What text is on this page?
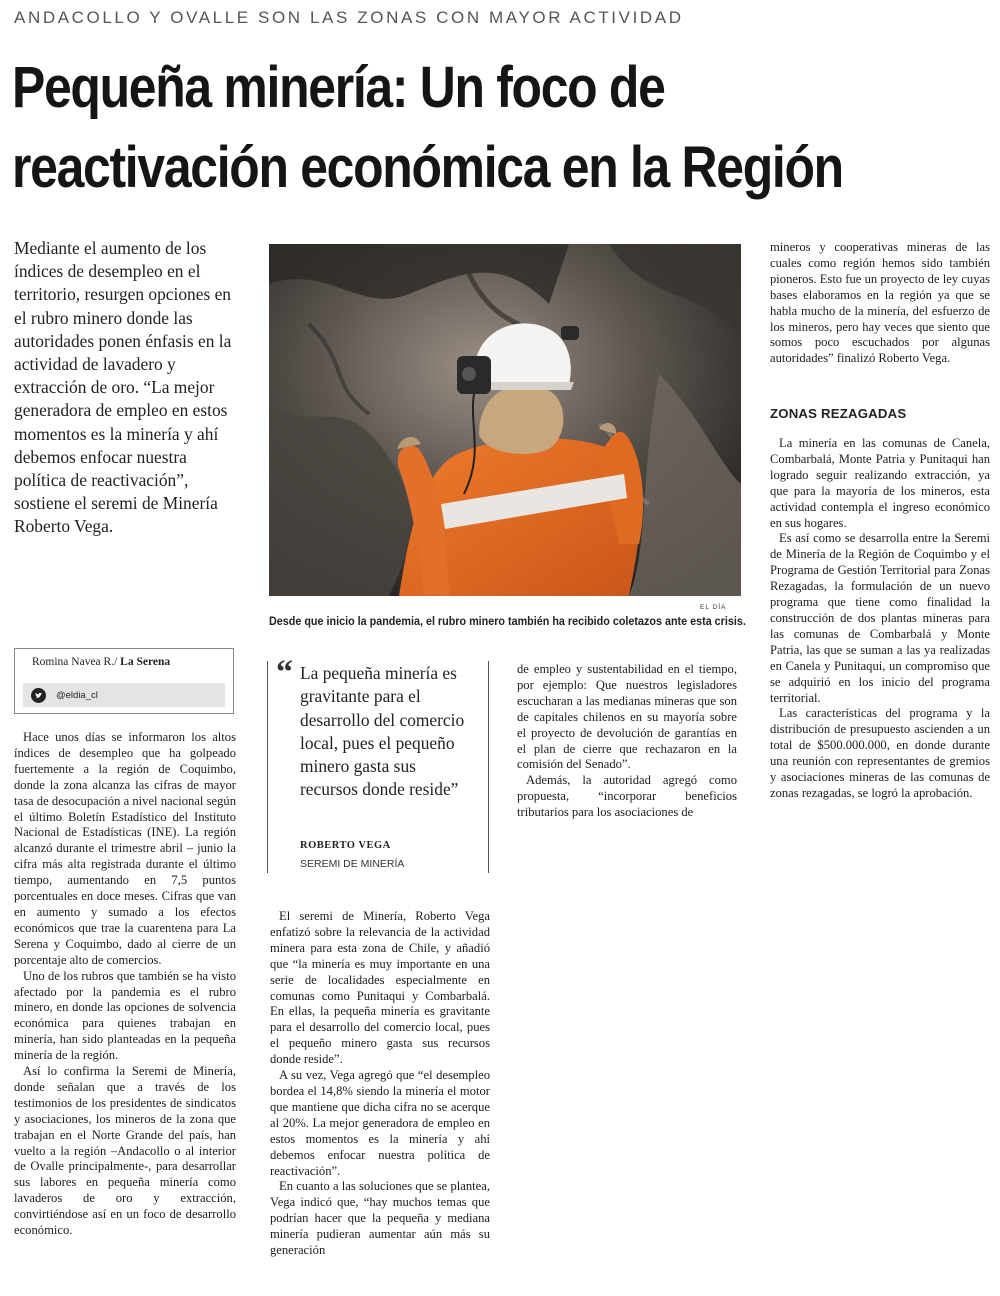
ANDACOLLO Y OVALLE SON LAS ZONAS CON MAYOR ACTIVIDAD
Pequeña minería: Un foco de
reactivación económica en la Región

Mediante el aumento de los índices de desempleo en el territorio, resurgen opciones en el rubro minero donde las autoridades ponen énfasis en la actividad de lavadero y extracción de oro. “La mejor generadora de empleo en estos momentos es la minería y ahí debemos enfocar nuestra política de reactivación”, sostiene el seremi de Minería Roberto Vega.

EL DÍA

Desde que inicio la pandemia, el rubro minero también ha recibido coletazos ante esta crisis.

Romina Navea R./ La Serena
@eldia_cl

Hace unos días se informaron los altos índices de desempleo que ha golpeado fuertemente a la región de Coquimbo, donde la zona alcanza las cifras de mayor tasa de desocupación a nivel nacional según el último Boletín Estadístico del Instituto Nacional de Estadísticas (INE). La región alcanzó durante el trimestre abril – junio la cifra más alta registrada durante el último tiempo, aumentando en 7,5 puntos porcentuales en doce meses. Cifras que van en aumento y sumado a los efectos económicos que trae la cuarentena para La Serena y Coquimbo, dado al cierre de un porcentaje alto de comercios.

Uno de los rubros que también se ha visto afectado por la pandemia es el rubro minero, en donde las opciones de solvencia económica para quienes trabajan en minería, han sido planteadas en la pequeña minería de la región.

Así lo confirma la Seremi de Minería, donde señalan que a través de los testimonios de los presidentes de sindicatos y asociaciones, los mineros de la zona que trabajan en el Norte Grande del país, han vuelto a la región –Andacollo o al interior de Ovalle principalmente-, para desarrollar sus labores en pequeña minería como lavaderos de oro y extracción, convirtiéndose así en un foco de desarrollo económico.

“ La pequeña minería es gravitante para el desarrollo del comercio local, pues el pequeño minero gasta sus recursos donde reside”

ROBERTO VEGA
SEREMI DE MINERÍA

El seremi de Minería, Roberto Vega enfatizó sobre la relevancia de la actividad minera para esta zona de Chile, y añadió que “la minería es muy importante en una serie de localidades especialmente en comunas como Punitaqui y Combarbalá. En ellas, la pequeña minería es gravitante para el desarrollo del comercio local, pues el pequeño minero gasta sus recursos donde reside”.

A su vez, Vega agregó que “el desempleo bordea el 14,8% siendo la minería el motor que mantiene que dicha cifra no se acerque al 20%. La mejor generadora de empleo en estos momentos es la minería y ahí debemos enfocar nuestra política de reactivación”.

En cuanto a las soluciones que se plantea, Vega indicó que, “hay muchos temas que podrían hacer que la pequeña y mediana minería pudieran aumentar aún más su generación

de empleo y sustentabilidad en el tiempo, por ejemplo: Que nuestros legisladores escucharan a las medianas mineras que son de capitales chilenos en su mayoría sobre el proyecto de devolución de garantías en el plan de cierre que rechazaron en la comisión del Senado”.

Además, la autoridad agregó como propuesta, “incorporar beneficios tributarios para los asociaciones de

mineros y cooperativas mineras de las cuales como región hemos sido también pioneros. Esto fue un proyecto de ley cuyas bases elaboramos en la región ya que se habla mucho de la minería, del esfuerzo de los mineros, pero hay veces que siento que somos poco escuchados por algunas autoridades” finalizó Roberto Vega.

ZONAS REZAGADAS

La minería en las comunas de Canela, Combarbalá, Monte Patria y Punitaqui han logrado seguir realizando extracción, ya que para la mayoría de los mineros, esta actividad contempla el ingreso económico en sus hogares.

Es así como se desarrolla entre la Seremi de Minería de la Región de Coquimbo y el Programa de Gestión Territorial para Zonas Rezagadas, la formulación de un nuevo programa que tiene como finalidad la construcción de dos plantas mineras para las comunas de Combarbalá y Monte Patria, las que se suman a las ya realizadas en Canela y Punitaqui, un compromiso que se adquirió en los inicio del programa territorial.

Las características del programa y la distribución de presupuesto ascienden a un total de $500.000.000, en donde durante una reunión con representantes de gremios y asociaciones mineras de las comunas de zonas rezagadas, se logró la aprobación.
